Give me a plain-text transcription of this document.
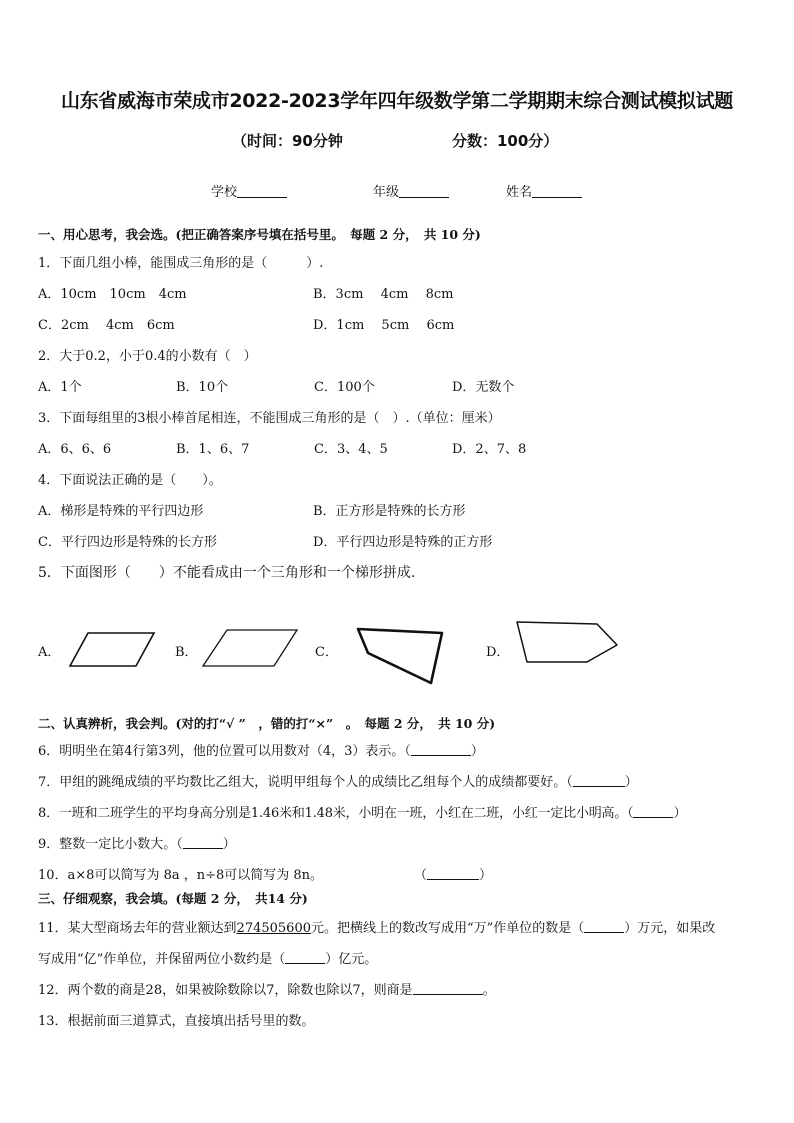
山东省威海市荣成市2022-2023学年四年级数学第二学期期末综合测试模拟试题
（时间：90分钟	分数：100分）
学校	年级	姓名
一、用心思考，我会选。(把正确答案序号填在括号里。　每题 2 分，　共 10 分)
1．下面几组小棒，能围成三角形的是（　　　）.
A．10cm　10cm　4cm	B．3cm　 4cm　 8cm
C．2cm　 4cm　6cm	D．1cm　 5cm　 6cm
2．大于0.2，小于0.4的小数有（　）
A．1个	B．10个	C．100个	D．无数个
3．下面每组里的3根小棒首尾相连，不能围成三角形的是（　）.（单位：厘米）
A．6、6、6	B．1、6、7	C．3、4、5	D．2、7、8
4．下面说法正确的是（　　）。
A．梯形是特殊的平行四边形	B．正方形是特殊的长方形
C．平行四边形是特殊的长方形	D．平行四边形是特殊的正方形
5．下面图形（　　）不能看成由一个三角形和一个梯形拼成.
A．	B．	C．	D．
二、认真辨析，我会判。(对的打“√ ”　，错的打“×”　。　每题 2 分，　共 10 分)
6．明明坐在第4行第3列，他的位置可以用数对（4，3）表示。（	）
7．甲组的跳绳成绩的平均数比乙组大，说明甲组每个人的成绩比乙组每个人的成绩都要好。（	）
8．一班和二班学生的平均身高分别是1.46米和1.48米，小明在一班，小红在二班，小红一定比小明高。（	）
9．整数一定比小数大。（	）
10．a×8可以简写为 8a ，n÷8可以简写为 8n。	（	）
三、仔细观察，我会填。(每题 2 分，　共14 分)
11．某大型商场去年的营业额达到274505600元。把横线上的数改写成用“万”作单位的数是（	）万元，如果改
写成用“亿”作单位，并保留两位小数约是（	）亿元。
12．两个数的商是28，如果被除数除以7，除数也除以7，则商是	。
13．根据前面三道算式，直接填出括号里的数。
